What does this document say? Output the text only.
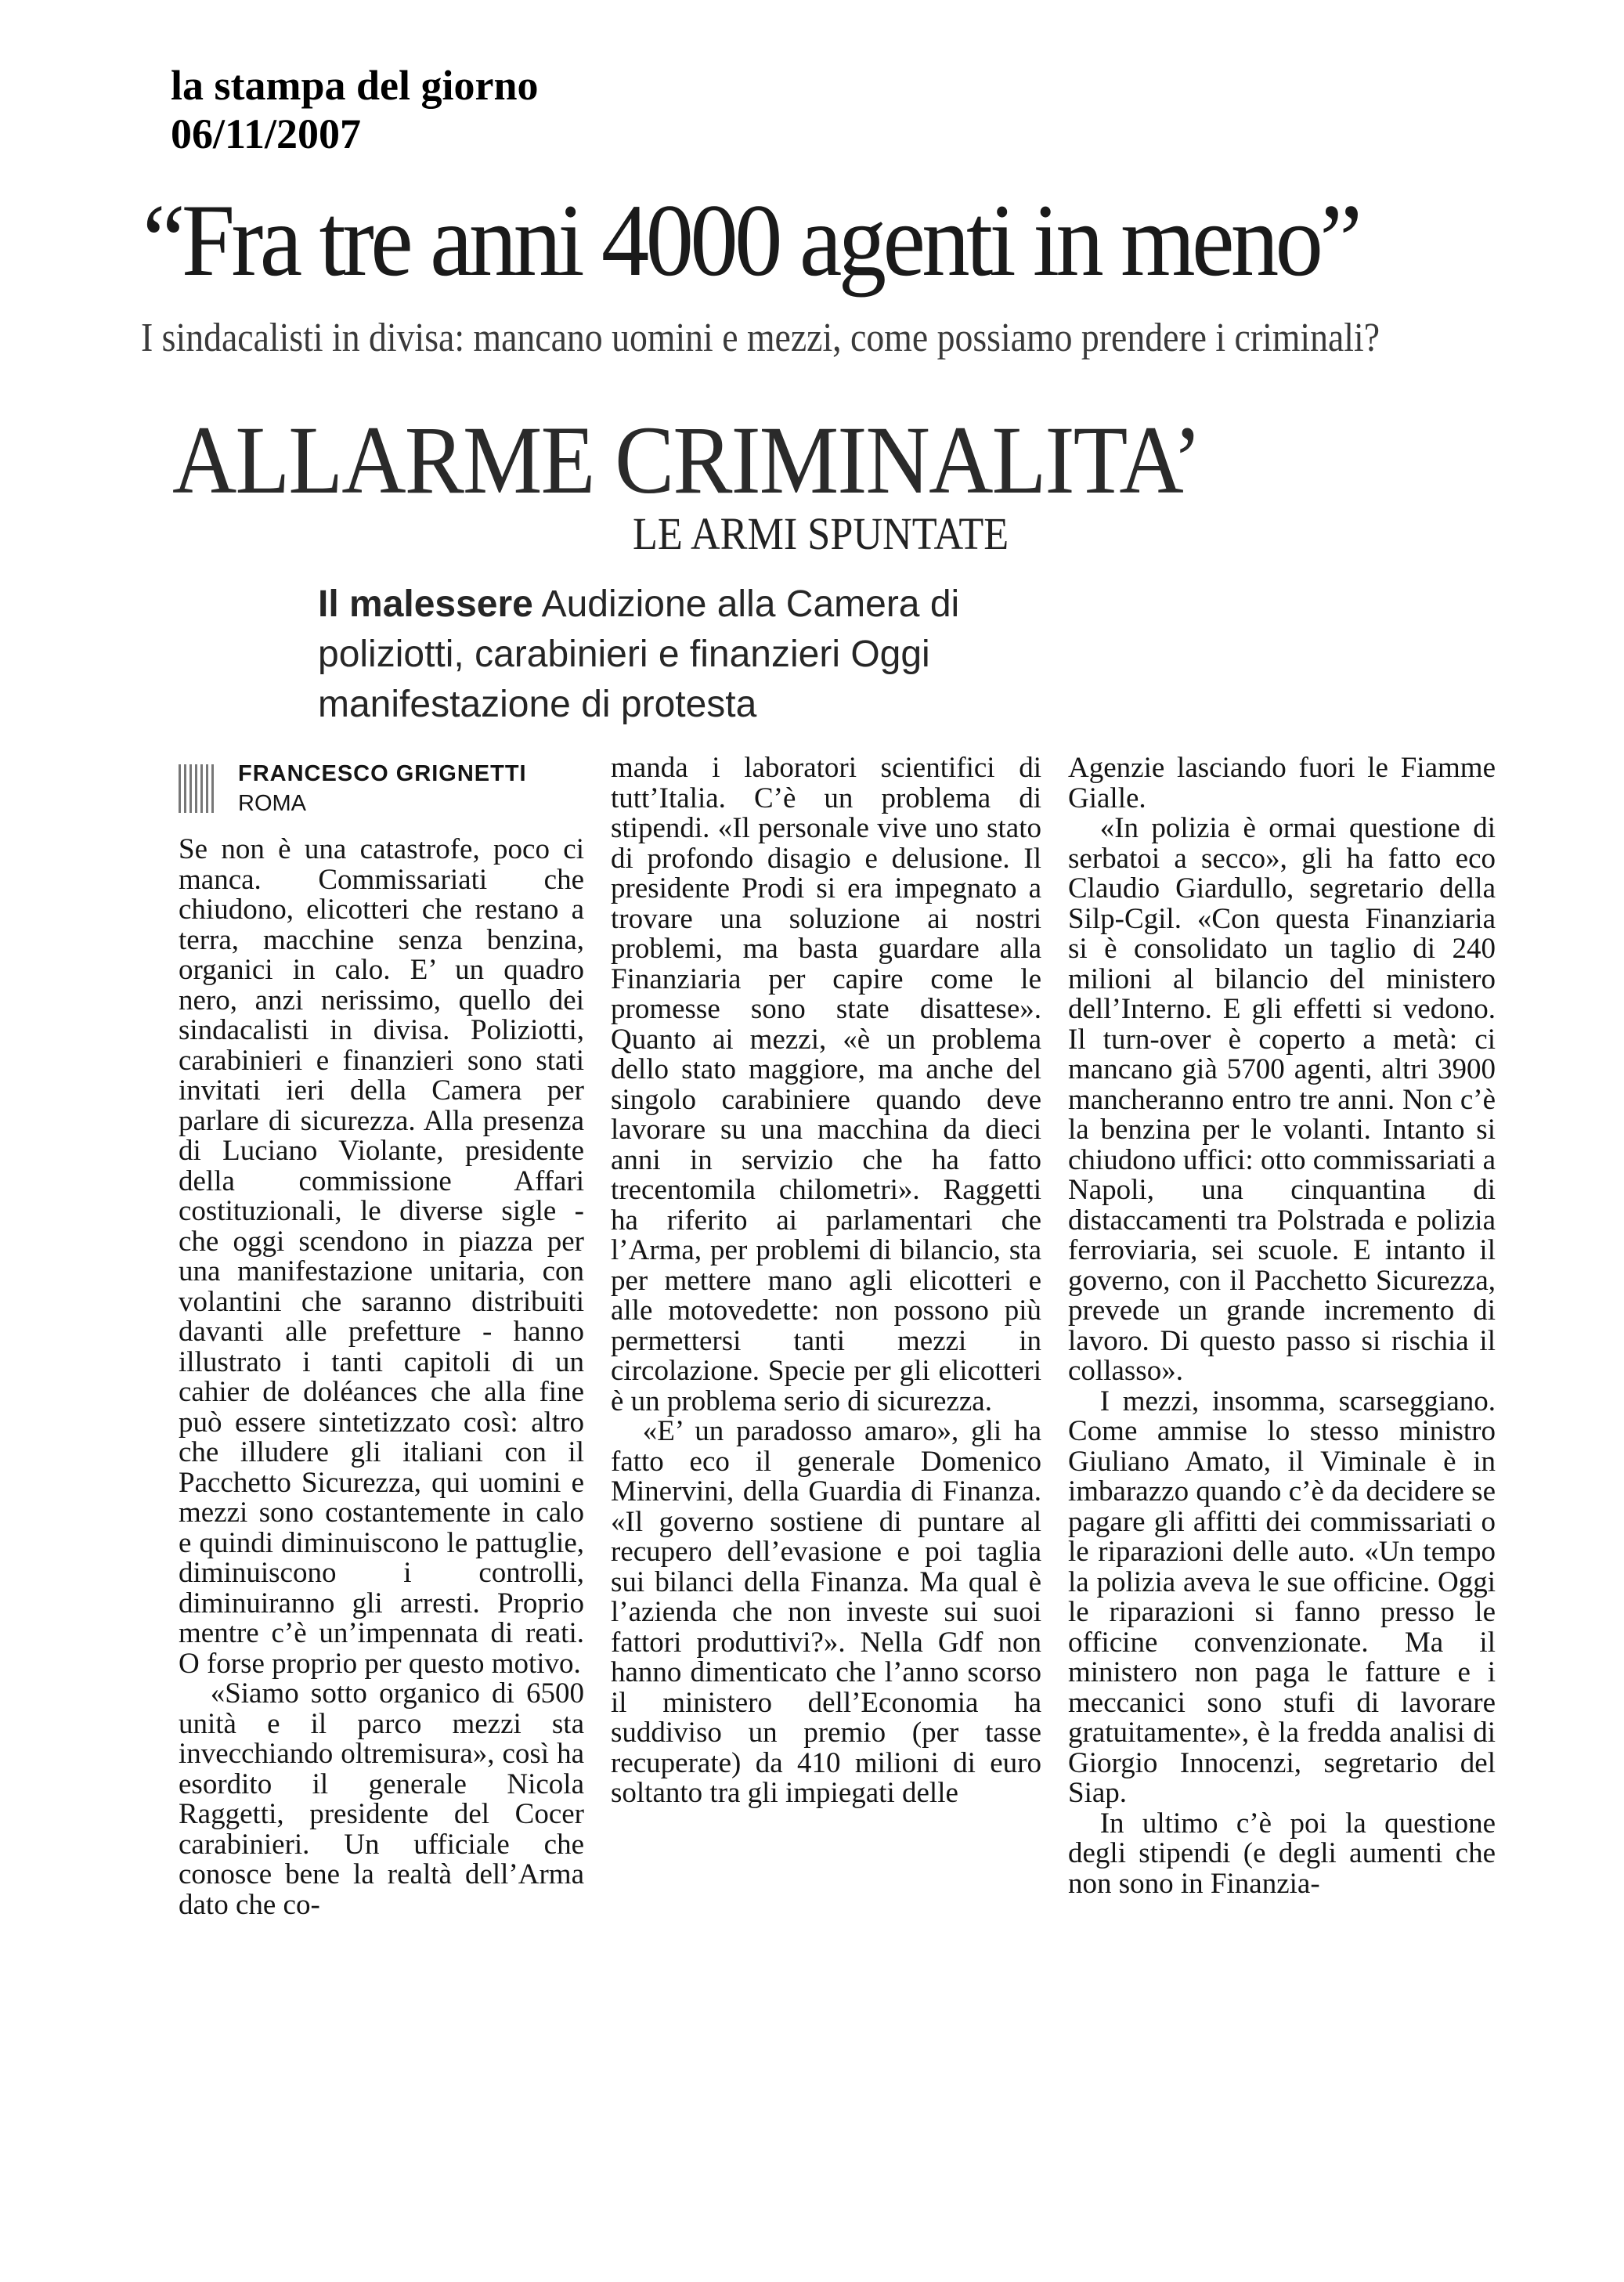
la stampa del giorno
06/11/2007
“Fra tre anni 4000 agenti in meno”
I sindacalisti in divisa: mancano uomini e mezzi, come possiamo prendere i criminali?
ALLARME CRIMINALITA’
LE ARMI SPUNTATE
Il malessere Audizione alla Camera di poliziotti, carabinieri e finanzieri Oggi manifestazione di protesta
FRANCESCO GRIGNETTI
ROMA

Se non è una catastrofe, poco ci manca. Commissariati che chiudono, elicotteri che restano a terra, macchine senza benzina, organici in calo. E’ un quadro nero, anzi nerissimo, quello dei sindacalisti in divisa. Poliziotti, carabinieri e finanzieri sono stati invitati ieri della Camera per parlare di sicurezza. Alla presenza di Luciano Violante, presidente della commissione Affari costituzionali, le diverse sigle - che oggi scendono in piazza per una manifestazione unitaria, con volantini che saranno distribuiti davanti alle prefetture - hanno illustrato i tanti capitoli di un cahier de doléances che alla fine può essere sintetizzato così: altro che illudere gli italiani con il Pacchetto Sicurezza, qui uomini e mezzi sono costantemente in calo e quindi diminuiscono le pattuglie, diminuiscono i controlli, diminuiranno gli arresti. Proprio mentre c’è un’impennata di reati. O forse proprio per questo motivo.

«Siamo sotto organico di 6500 unità e il parco mezzi sta invecchiando oltremisura», così ha esordito il generale Nicola Raggetti, presidente del Cocer carabinieri. Un ufficiale che conosce bene la realtà dell’Arma dato che co-

manda i laboratori scientifici di tutt’Italia. C’è un problema di stipendi. «Il personale vive uno stato di profondo disagio e delusione. Il presidente Prodi si era impegnato a trovare una soluzione ai nostri problemi, ma basta guardare alla Finanziaria per capire come le promesse sono state disattese». Quanto ai mezzi, «è un problema dello stato maggiore, ma anche del singolo carabiniere quando deve lavorare su una macchina da dieci anni in servizio che ha fatto trecentomila chilometri». Raggetti ha riferito ai parlamentari che l’Arma, per problemi di bilancio, sta per mettere mano agli elicotteri e alle motovedette: non possono più permettersi tanti mezzi in circolazione. Specie per gli elicotteri è un problema serio di sicurezza.

«E’ un paradosso amaro», gli ha fatto eco il generale Domenico Minervini, della Guardia di Finanza. «Il governo sostiene di puntare al recupero dell’evasione e poi taglia sui bilanci della Finanza. Ma qual è l’azienda che non investe sui suoi fattori produttivi?». Nella Gdf non hanno dimenticato che l’anno scorso il ministero dell’Economia ha suddiviso un premio (per tasse recuperate) da 410 milioni di euro soltanto tra gli impiegati delle

Agenzie lasciando fuori le Fiamme Gialle.

«In polizia è ormai questione di serbatoi a secco», gli ha fatto eco Claudio Giardullo, segretario della Silp-Cgil. «Con questa Finanziaria si è consolidato un taglio di 240 milioni al bilancio del ministero dell’Interno. E gli effetti si vedono. Il turn-over è coperto a metà: ci mancano già 5700 agenti, altri 3900 mancheranno entro tre anni. Non c’è la benzina per le volanti. Intanto si chiudono uffici: otto commissariati a Napoli, una cinquantina di distaccamenti tra Polstrada e polizia ferroviaria, sei scuole. E intanto il governo, con il Pacchetto Sicurezza, prevede un grande incremento di lavoro. Di questo passo si rischia il collasso».

I mezzi, insomma, scarseggiano. Come ammise lo stesso ministro Giuliano Amato, il Viminale è in imbarazzo quando c’è da decidere se pagare gli affitti dei commissariati o le riparazioni delle auto. «Un tempo la polizia aveva le sue officine. Oggi le riparazioni si fanno presso le officine convenzionate. Ma il ministero non paga le fatture e i meccanici sono stufi di lavorare gratuitamente», è la fredda analisi di Giorgio Innocenzi, segretario del Siap.

In ultimo c’è poi la questione degli stipendi (e degli aumenti che non sono in Finanzia-
